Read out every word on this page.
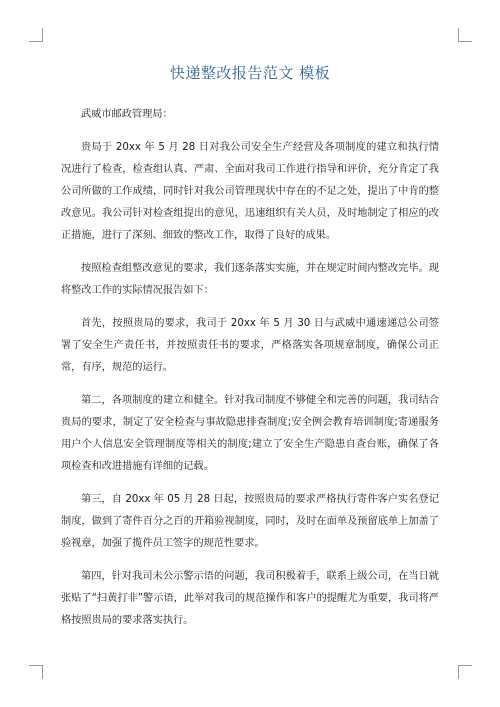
快递整改报告范文 模板

武威市邮政管理局：

贵局于 20xx 年 5 月 28 日对我公司安全生产经营及各项制度的建立和执行情况进行了检查，检查组认真、严肃、全面对我司工作进行指导和评价，充分肯定了我公司所做的工作成绩，同时针对我公司管理现状中存在的不足之处，提出了中肯的整改意见。我公司针对检查组提出的意见，迅速组织有关人员，及时地制定了相应的改正措施，进行了深刻、细致的整改工作，取得了良好的成果。

按照检查组整改意见的要求，我们逐条落实实施，并在规定时间内整改完毕。现将整改工作的实际情况报告如下：

首先，按照贵局的要求，我司于 20xx 年 5 月 30 日与武威中通速递总公司签署了安全生产责任书，并按照责任书的要求，严格落实各项规章制度，确保公司正常，有序，规范的运行。

第二，各项制度的建立和健全。针对我司制度不够健全和完善的问题，我司结合贵局的要求，制定了安全检查与事故隐患排查制度;安全例会教育培训制度;寄递服务用户个人信息安全管理制度等相关的制度;建立了安全生产隐患自查台账，确保了各项检查和改进措施有详细的记载。

第三，自 20xx 年 05 月 28 日起，按照贵局的要求严格执行寄件客户实名登记制度，做到了寄件百分之百的开箱验视制度，同时，及时在面单及预留底单上加盖了验视章，加强了揽件员工签字的规范性要求。

第四，针对我司未公示警示语的问题，我司积极着手，联系上级公司，在当日就张贴了“扫黄打非”警示语，此举对我司的规范操作和客户的提醒尤为重要，我司将严格按照贵局的要求落实执行。
